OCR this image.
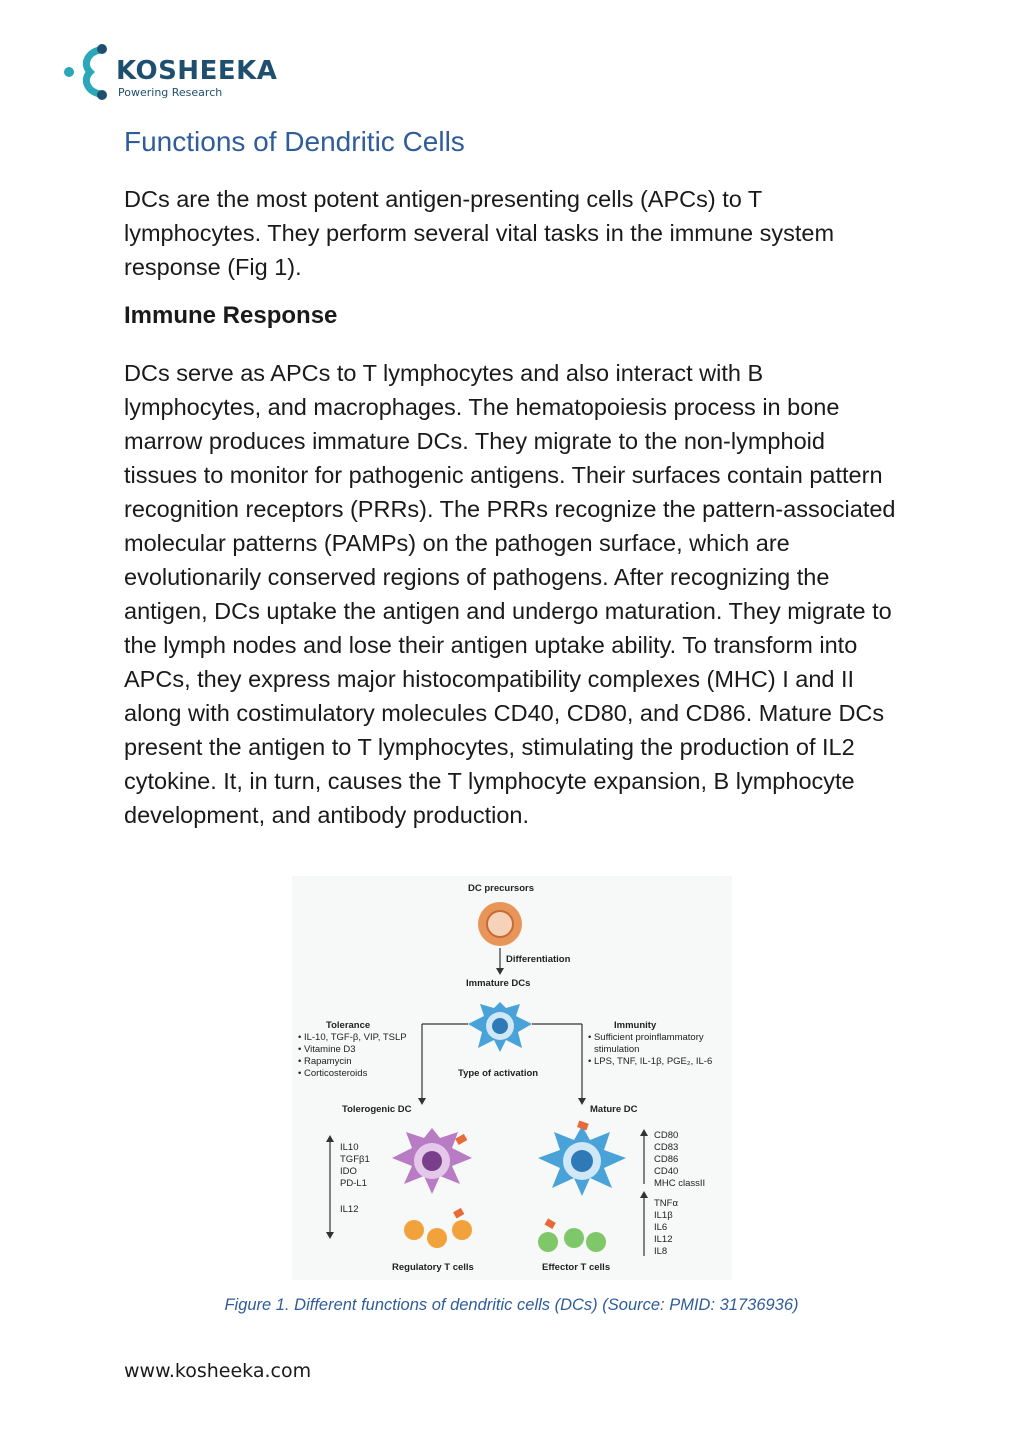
KOSHEEKA
Powering Research
Functions of Dendritic Cells

DCs are the most potent antigen-presenting cells (APCs) to T lymphocytes. They perform several vital tasks in the immune system response (Fig 1).

Immune Response

DCs serve as APCs to T lymphocytes and also interact with B lymphocytes, and macrophages. The hematopoiesis process in bone marrow produces immature DCs. They migrate to the non-lymphoid tissues to monitor for pathogenic antigens. Their surfaces contain pattern recognition receptors (PRRs). The PRRs recognize the pattern-associated molecular patterns (PAMPs) on the pathogen surface, which are evolutionarily conserved regions of pathogens. After recognizing the antigen, DCs uptake the antigen and undergo maturation. They migrate to the lymph nodes and lose their antigen uptake ability. To transform into APCs, they express major histocompatibility complexes (MHC) I and II along with costimulatory molecules CD40, CD80, and CD86. Mature DCs present the antigen to T lymphocytes, stimulating the production of IL2 cytokine. It, in turn, causes the T lymphocyte expansion, B lymphocyte development, and antibody production.

DC precursors
Differentiation
Immature DCs
Tolerance
• IL-10, TGF-β, VIP, TSLP
• Vitamine D3
• Rapamycin
• Corticosteroids
Immunity
• Sufficient proinflammatory
stimulation
• LPS, TNF, IL-1β, PGE₂, IL-6
Type of activation
Tolerogenic DC	Mature DC
IL10
TGFβ1
IDO
PD-L1
IL12
CD80
CD83
CD86
CD40
MHC classII
TNFα
IL1β
IL6
IL12
IL8
Regulatory T cells	Effector T cells
Figure 1. Different functions of dendritic cells (DCs) (Source: PMID: 31736936)
www.kosheeka.com
